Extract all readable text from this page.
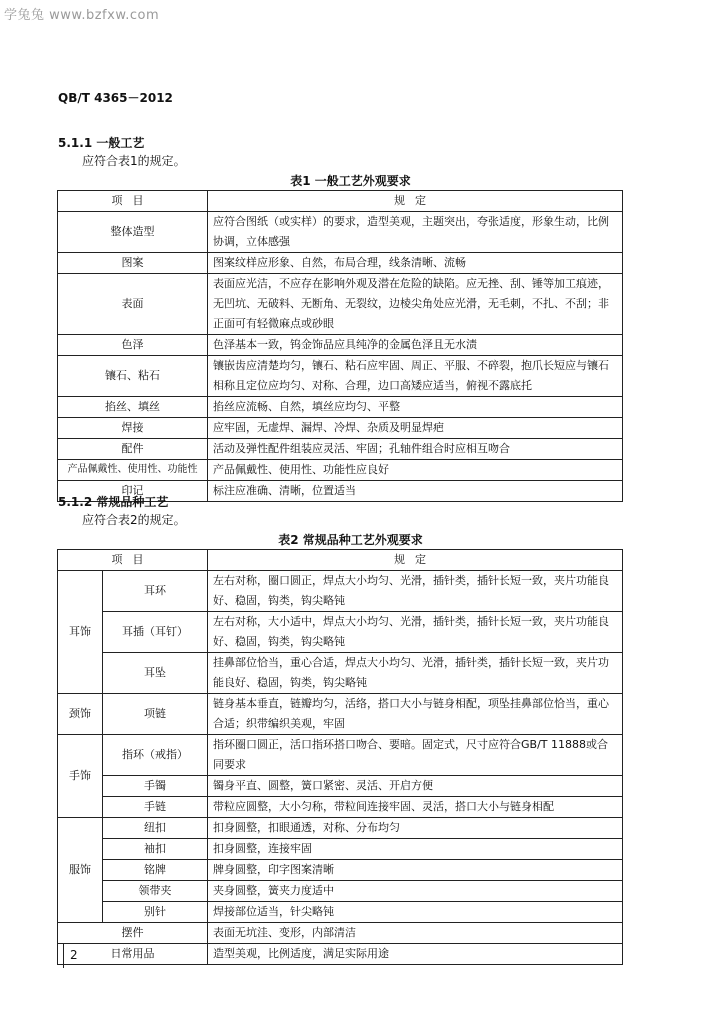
学兔兔 www.bzfxw.com
QB/T 4365－2012
5.1.1 一般工艺
应符合表1的规定。
表1 一般工艺外观要求
项目	规定
整体造型	应符合图纸（或实样）的要求，造型美观，主题突出，夸张适度，形象生动，比例协调，立体感强
图案	图案纹样应形象、自然，布局合理，线条清晰、流畅
表面	表面应光洁，不应存在影响外观及潜在危险的缺陷。应无挫、刮、锤等加工痕迹，无凹坑、无破料、无断角、无裂纹，边棱尖角处应光滑，无毛刺，不扎、不刮；非正面可有轻微麻点或砂眼
色泽	色泽基本一致，钨金饰品应具纯净的金属色泽且无水渍
镶石、粘石	镶嵌齿应清楚均匀，镶石、粘石应牢固、周正、平服、不碎裂，抱爪长短应与镶石相称且定位应均匀、对称、合理，边口高矮应适当，俯视不露底托
掐丝、填丝	掐丝应流畅、自然，填丝应均匀、平整
焊接	应牢固，无虚焊、漏焊、冷焊、杂质及明显焊疤
配件	活动及弹性配件组装应灵活、牢固；孔轴件组合时应相互吻合
产品佩戴性、使用性、功能性	产品佩戴性、使用性、功能性应良好
印记	标注应准确、清晰，位置适当
5.1.2 常规品种工艺
应符合表2的规定。
表2 常规品种工艺外观要求
项目		规定
耳饰	耳环	左右对称，圈口圆正，焊点大小均匀、光滑，插针类，插针长短一致，夹片功能良好、稳固，钩类，钩尖略钝
	耳插（耳钉）	左右对称，大小适中，焊点大小均匀、光滑，插针类，插针长短一致，夹片功能良好、稳固，钩类，钩尖略钝
	耳坠	挂鼻部位恰当，重心合适，焊点大小均匀、光滑，插针类，插针长短一致，夹片功能良好、稳固，钩类，钩尖略钝
颈饰	项链	链身基本垂直，链瓣均匀，活络，搭口大小与链身相配，项坠挂鼻部位恰当，重心合适；织带编织美观，牢固
手饰	指环（戒指）	指环圈口圆正，活口指环搭口吻合、要暗。固定式，尺寸应符合GB/T 11888或合同要求
	手镯	镯身平直、圆整，簧口紧密、灵活、开启方便
	手链	带粒应圆整，大小匀称，带粒间连接牢固、灵活，搭口大小与链身相配
服饰	纽扣	扣身圆整，扣眼通透，对称、分布均匀
	袖扣	扣身圆整，连接牢固
	铭牌	牌身圆整，印字图案清晰
	领带夹	夹身圆整，簧夹力度适中
	别针	焊接部位适当，针尖略钝
摆件		表面无坑洼、变形，内部清洁
日常用品		造型美观，比例适度，满足实际用途
2
